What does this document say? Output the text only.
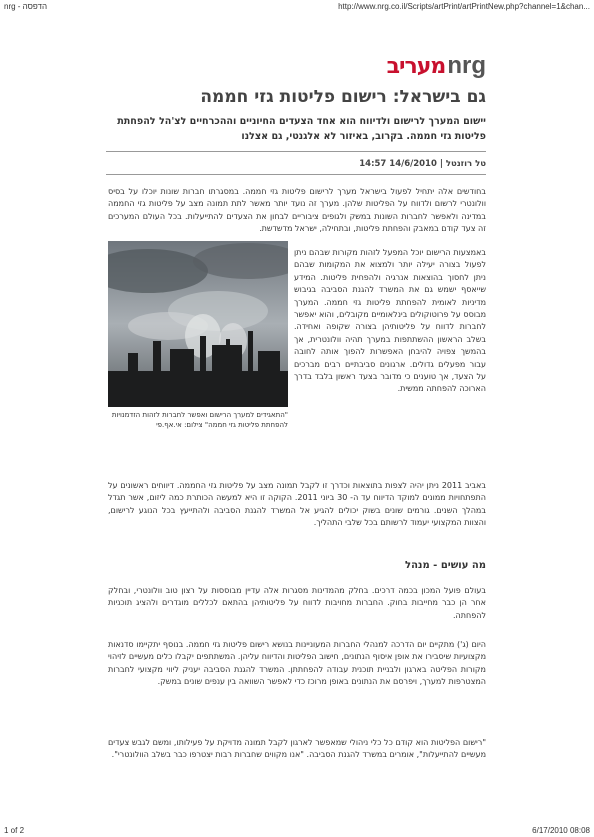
nrg - הדפסה	http://www.nrg.co.il/Scripts/artPrint/artPrintNew.php?channel=1&chan...
מעריב nrg
גם בישראל: רישום פליטות גזי חממה
יישום המערך לרישום ולדיווח הוא אחד הצעדים החיוניים וההכרחיים לצ'הל להפחתת פליטות גזי חממה. בקרוב, באיזור לא אלגנטי, גם אצלנו
טל רוזנטל | 14/6/2010 14:57
בחודשים אלה יתחיל לפעול בישראל מערך לרישום פליטות גזי חממה. במסגרתו חברות שונות יוכלו על בסיס וולונטרי לרשום ולדווח על הפליטות שלהן. מערך זה נועד יותר מאשר לתת תמונה מצב על פליטות גזי החממה במדינה ולאפשר לחברות השונות במשק ולגופים ציבוריים לבחון את הצעדים להתייעלות. בכל העולם המערכים זה צעד קודם במאבק והפחתת פליטות, ובתחילה, ישראל מדשדשת.
"התאגידים למערך הרישום ואפשר לחברות לזהות הזדמנויות להפחתת פליטות גזי חממה" צילום: אי.אף.פי
באמצעות הרישום יוכל המפעל לזהות מקורות שבהם ניתן לפעול בצורה יעילה יותר ולמצוא את המקומות שבהם ניתן לחסוך בהוצאות אנרגיה ולהפחית פליטות. המידע שייאסף ישמש גם את המשרד להגנת הסביבה בגיבוש מדיניות לאומית להפחתת פליטות גזי חממה. המערך מבוסס על פרוטוקולים בינלאומיים מקובלים, והוא יאפשר לחברות לדווח על פליטותיהן בצורה שקופה ואחידה. בשלב הראשון ההשתתפות במערך תהיה וולונטרית, אך בהמשך צפויה להיבחן האפשרות להפוך אותה לחובה עבור מפעלים גדולים. ארגונים סביבתיים רבים מברכים על הצעד, אך טוענים כי מדובר בצעד ראשון בלבד בדרך הארוכה להפחתה ממשית.
באביב 2011 ניתן יהיה לצפות בתוצאות וכדרך זו לקבל תמונה מצב על פליטות גזי החממה. דיווחים ראשונים על התפתחויות ממונים למוקד הדיווח עד ה- 30 ביוני 2011. הקוקה זו היא למעשה הכותרת כמה ליזום, אשר תגדל במהלך השנים. גורמים שונים בשוק יכולים להגיע אל המשרד להגנת הסביבה ולהתייעץ בכל הנוגע לרישום, והצוות המקצועי יעמוד לרשותם בכל שלבי התהליך.
מה עושים - מנהל
בעולם פועל המכון בכמה דרכים. בחלק מהמדינות מסגרות אלה עדיין מבוססות על רצון טוב וולונטרי, ובחלק אחר הן כבר מחייבות בחוק. החברות מחויבות לדווח על פליטותיהן בהתאם לכללים מוגדרים ולהציג תוכניות להפחתה.
היום (ג') מתקיים יום הדרכה למנהלי החברות המעוניינות בנושא רישום פליטות גזי חממה. בנוסף יתקיימו סדנאות מקצועיות שיסבירו את אופן איסוף הנתונים, חישוב הפליטות והדיווח עליהן. המשתתפים יקבלו כלים מעשיים לזיהוי מקורות הפליטה בארגון ולבניית תוכנית עבודה להפחתתן. המשרד להגנת הסביבה יעניק ליווי מקצועי לחברות המצטרפות למערך, ויפרסם את הנתונים באופן מרוכז כדי לאפשר השוואה בין ענפים שונים במשק.
"רישום הפליטות הוא קודם כל כלי ניהולי שמאפשר לארגון לקבל תמונה מדויקת על פעילותו, ומשם לגבש צעדים מעשיים להתייעלות", אומרים במשרד להגנת הסביבה. "אנו מקווים שחברות רבות יצטרפו כבר בשלב הוולונטרי".
1 of 2	6/17/2010 08:08
